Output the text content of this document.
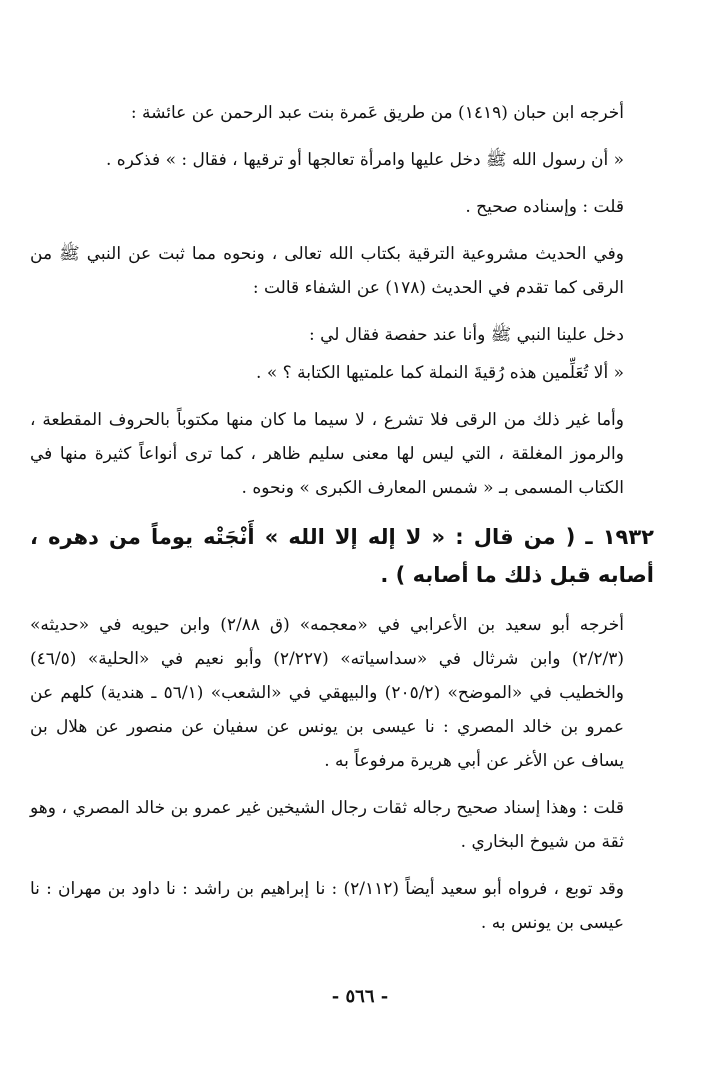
أخرجه ابن حبان (١٤١٩) من طريق عَمرة بنت عبد الرحمن عن عائشة :

« أن رسول الله ﷺ دخل عليها وامرأة تعالجها أو ترقيها ، فقال : » فذكره .

قلت : وإسناده صحيح .

وفي الحديث مشروعية الترقية بكتاب الله تعالى ، ونحوه مما ثبت عن النبي ﷺ من الرقى كما تقدم في الحديث (١٧٨) عن الشفاء قالت :

دخل علينا النبي ﷺ وأنا عند حفصة فقال لي :

« ألا تُعَلِّمين هذه رُقيةَ النملة كما علمتيها الكتابة ؟ » .

وأما غير ذلك من الرقى فلا تشرع ، لا سيما ما كان منها مكتوباً بالحروف المقطعة ، والرموز المغلقة ، التي ليس لها معنى سليم ظاهر ، كما ترى أنواعاً كثيرة منها في الكتاب المسمى بـ « شمس المعارف الكبرى » ونحوه .

١٩٣٢ ـ ( من قال : « لا إله إلا الله » أَنْجَتْه يوماً من دهره ، أصابه قبل ذلك ما أصابه ) .

أخرجه أبو سعيد بن الأعرابي في «معجمه» (ق ٢/٨٨) وابن حيويه في «حديثه» (٢/٢/٣) وابن شرثال في «سداسياته» (٢/٢٢٧) وأبو نعيم في «الحلية» (٤٦/٥) والخطيب في «الموضح» (٢٠٥/٢) والبيهقي في «الشعب» (٥٦/١ ـ هندية) كلهم عن عمرو بن خالد المصري : نا عيسى بن يونس عن سفيان عن منصور عن هلال بن يساف عن الأغر عن أبي هريرة مرفوعاً به .

قلت : وهذا إسناد صحيح رجاله ثقات رجال الشيخين غير عمرو بن خالد المصري ، وهو ثقة من شيوخ البخاري .

وقد توبع ، فرواه أبو سعيد أيضاً (٢/١١٢) : نا إبراهيم بن راشد : نا داود بن مهران : نا عيسى بن يونس به .

- ٥٦٦ -
